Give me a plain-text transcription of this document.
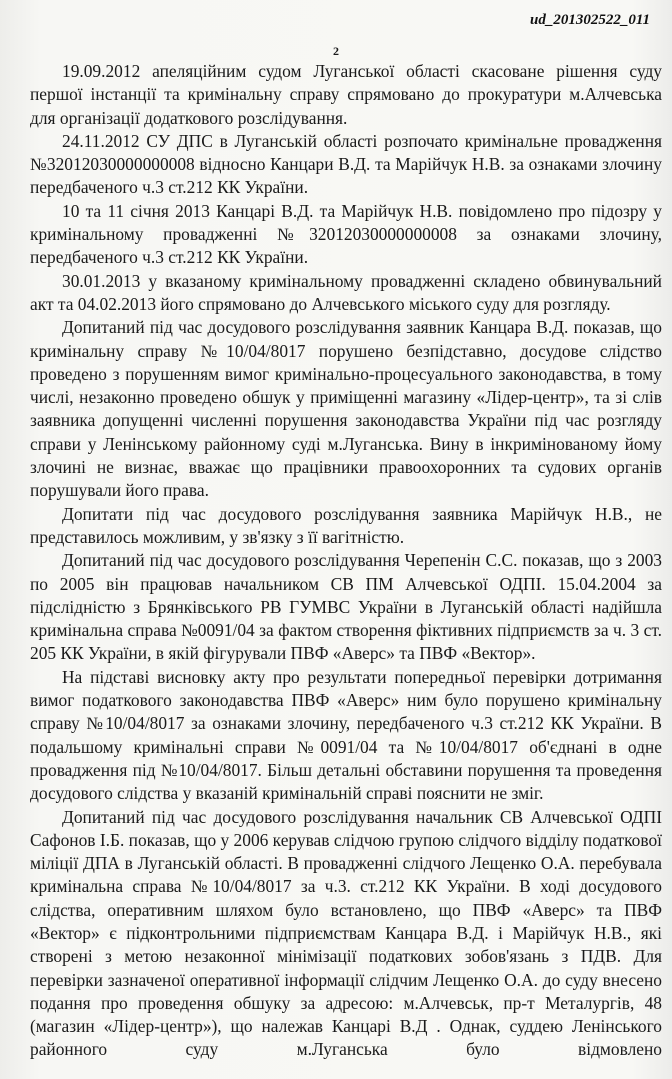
ud_201302522_011
2

19.09.2012 апеляційним судом Луганської області скасоване рішення суду першої інстанції та кримінальну справу спрямовано до прокуратури м.Алчевська для організації додаткового розслідування.

24.11.2012 СУ ДПС в Луганській області розпочато кримінальне провадження №32012030000000008 відносно Канцари В.Д. та Марійчук Н.В. за ознаками злочину передбаченого ч.3 ст.212 КК України.

10 та 11 січня 2013 Канцарі В.Д. та Марійчук Н.В. повідомлено про підозру у кримінальному провадженні №32012030000000008 за ознаками злочину, передбаченого ч.3 ст.212 КК України.

30.01.2013 у вказаному кримінальному провадженні складено обвинувальний акт та 04.02.2013 його спрямовано до Алчевського міського суду для розгляду.

Допитаний під час досудового розслідування заявник Канцара В.Д. показав, що кримінальну справу №10/04/8017 порушено безпідставно, досудове слідство проведено з порушенням вимог кримінально-процесуального законодавства, в тому числі, незаконно проведено обшук у приміщенні магазину «Лідер-центр», та зі слів заявника допущенні численні порушення законодавства України під час розгляду справи у Ленінському районному суді м.Луганська. Вину в інкримінованому йому злочині не визнає, вважає що працівники правоохоронних та судових органів порушували його права.

Допитати під час досудового розслідування заявника Марійчук Н.В., не представилось можливим, у зв'язку з її вагітністю.

Допитаний під час досудового розслідування Черепенін С.С. показав, що з 2003 по 2005 він працював начальником СВ ПМ Алчевської ОДПІ. 15.04.2004 за підслідністю з Брянківського РВ ГУМВС України в Луганській області надійшла кримінальна справа №0091/04 за фактом створення фіктивних підприємств за ч. 3 ст. 205 КК України, в якій фігурували ПВФ «Аверс» та ПВФ «Вектор».

На підставі висновку акту про результати попередньої перевірки дотримання вимог податкового законодавства ПВФ «Аверс» ним було порушено кримінальну справу №10/04/8017 за ознаками злочину, передбаченого ч.3 ст.212 КК України. В подальшому кримінальні справи №0091/04 та №10/04/8017 об'єднані в одне провадження під №10/04/8017. Більш детальні обставини порушення та проведення досудового слідства у вказаній кримінальній справі пояснити не зміг.

Допитаний під час досудового розслідування начальник СВ Алчевської ОДПІ Сафонов І.Б. показав, що у 2006 керував слідчою групою слідчого відділу податкової міліції ДПА в Луганській області. В провадженні слідчого Лещенко О.А. перебувала кримінальна справа №10/04/8017 за ч.3. ст.212 КК України. В ході досудового слідства, оперативним шляхом було встановлено, що ПВФ «Аверс» та ПВФ «Вектор» є підконтрольними підприємствам Канцара В.Д. і Марійчук Н.В., які створені з метою незаконної мінімізації податкових зобов'язань з ПДВ. Для перевірки зазначеної оперативної інформації слідчим Лещенко О.А. до суду внесено подання про проведення обшуку за адресою: м.Алчевськ, пр-т Металургів, 48 (магазин «Лідер-центр»), що належав Канцарі В.Д . Однак, суддею Ленінського районного суду м.Луганська було відмовлено
